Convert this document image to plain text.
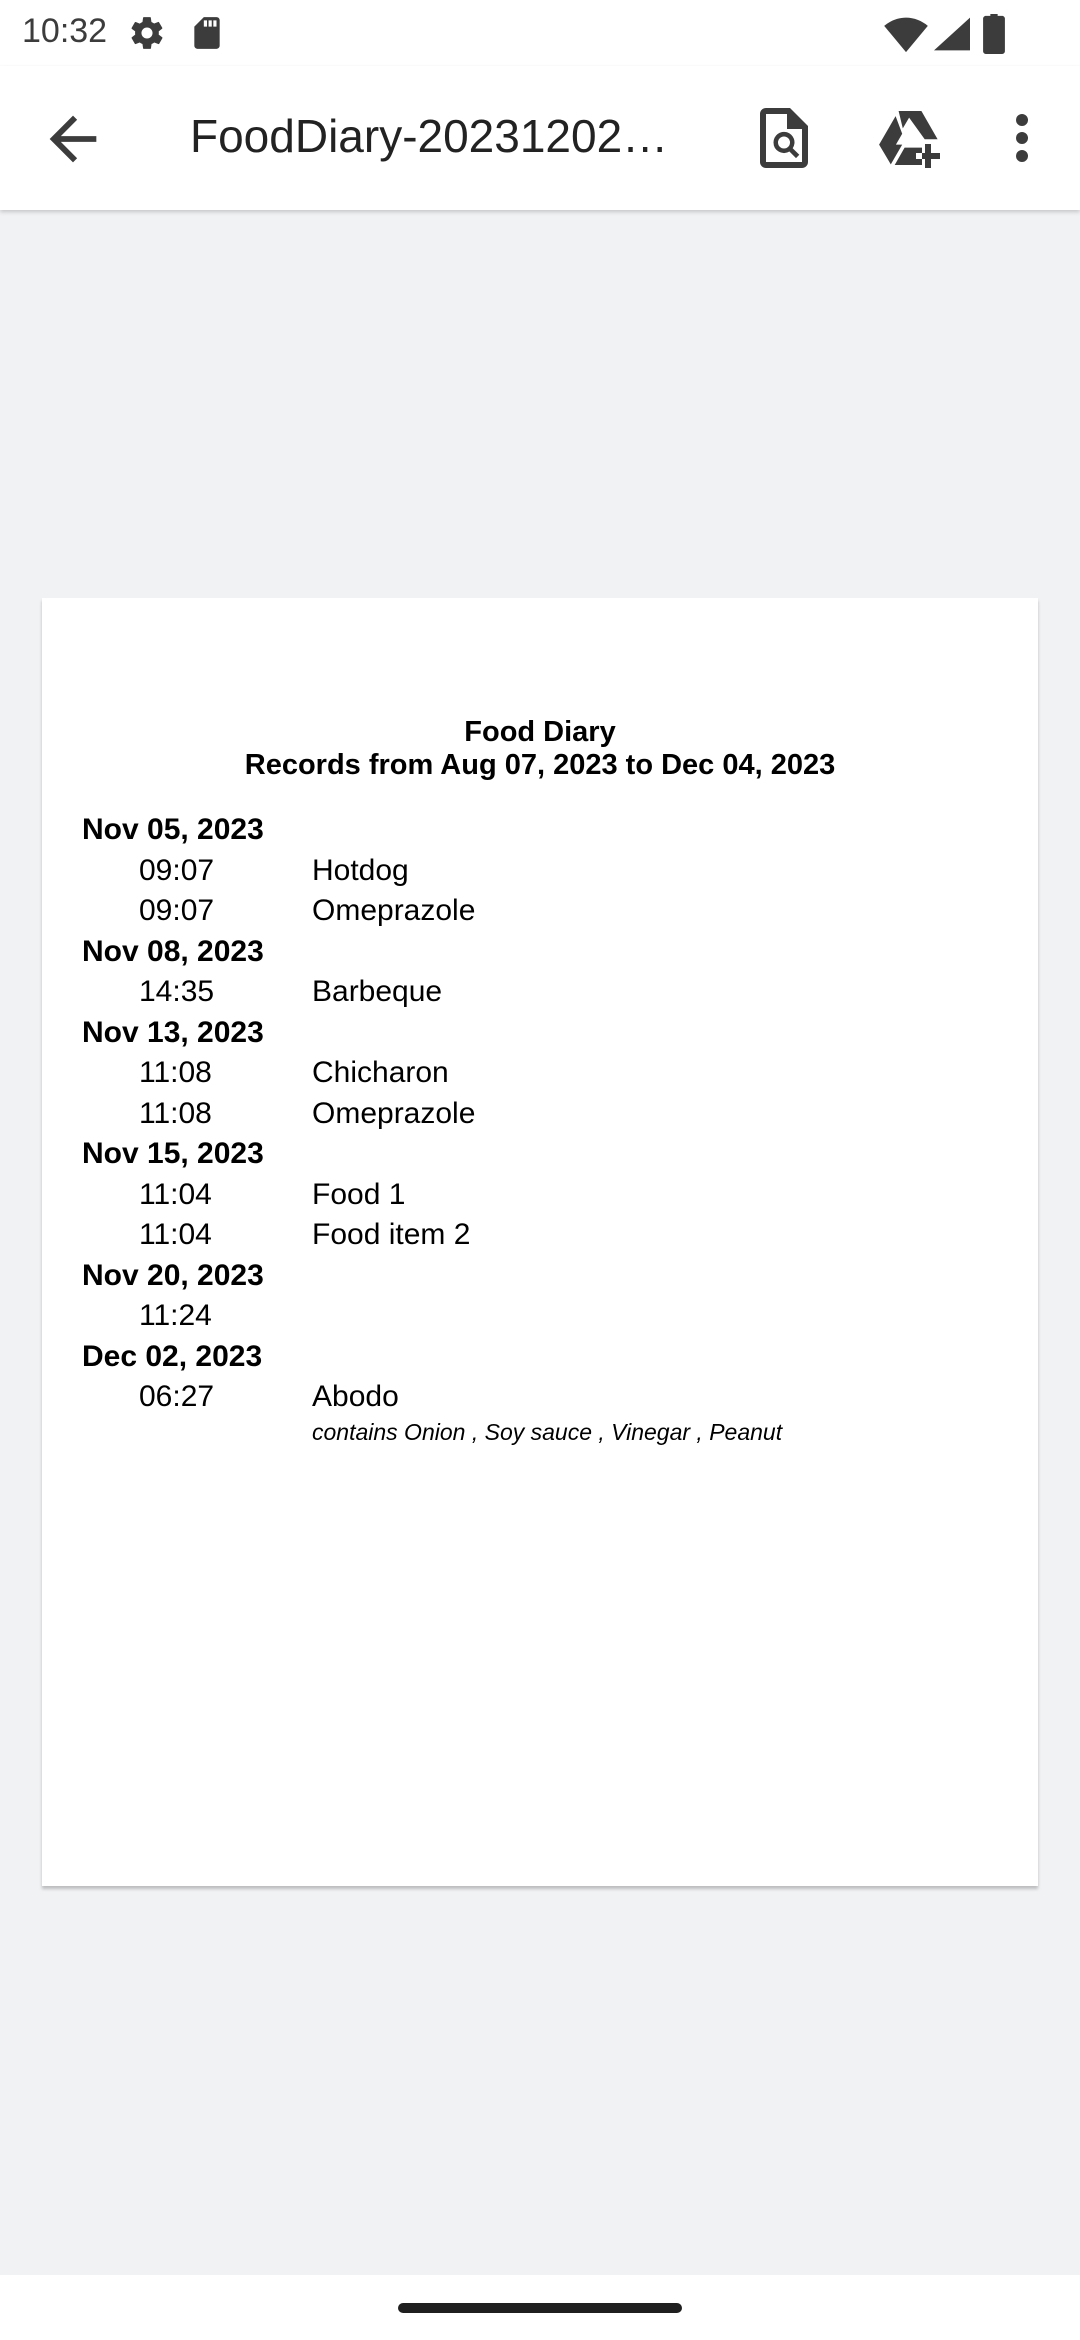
10:32
FoodDiary-20231202…
Food Diary
Records from Aug 07, 2023 to Dec 04, 2023
Nov 05, 2023
09:07	Hotdog
09:07	Omeprazole
Nov 08, 2023
14:35	Barbeque
Nov 13, 2023
11:08	Chicharon
11:08	Omeprazole
Nov 15, 2023
11:04	Food 1
11:04	Food item 2
Nov 20, 2023
11:24
Dec 02, 2023
06:27	Abodo
contains Onion , Soy sauce , Vinegar , Peanut
